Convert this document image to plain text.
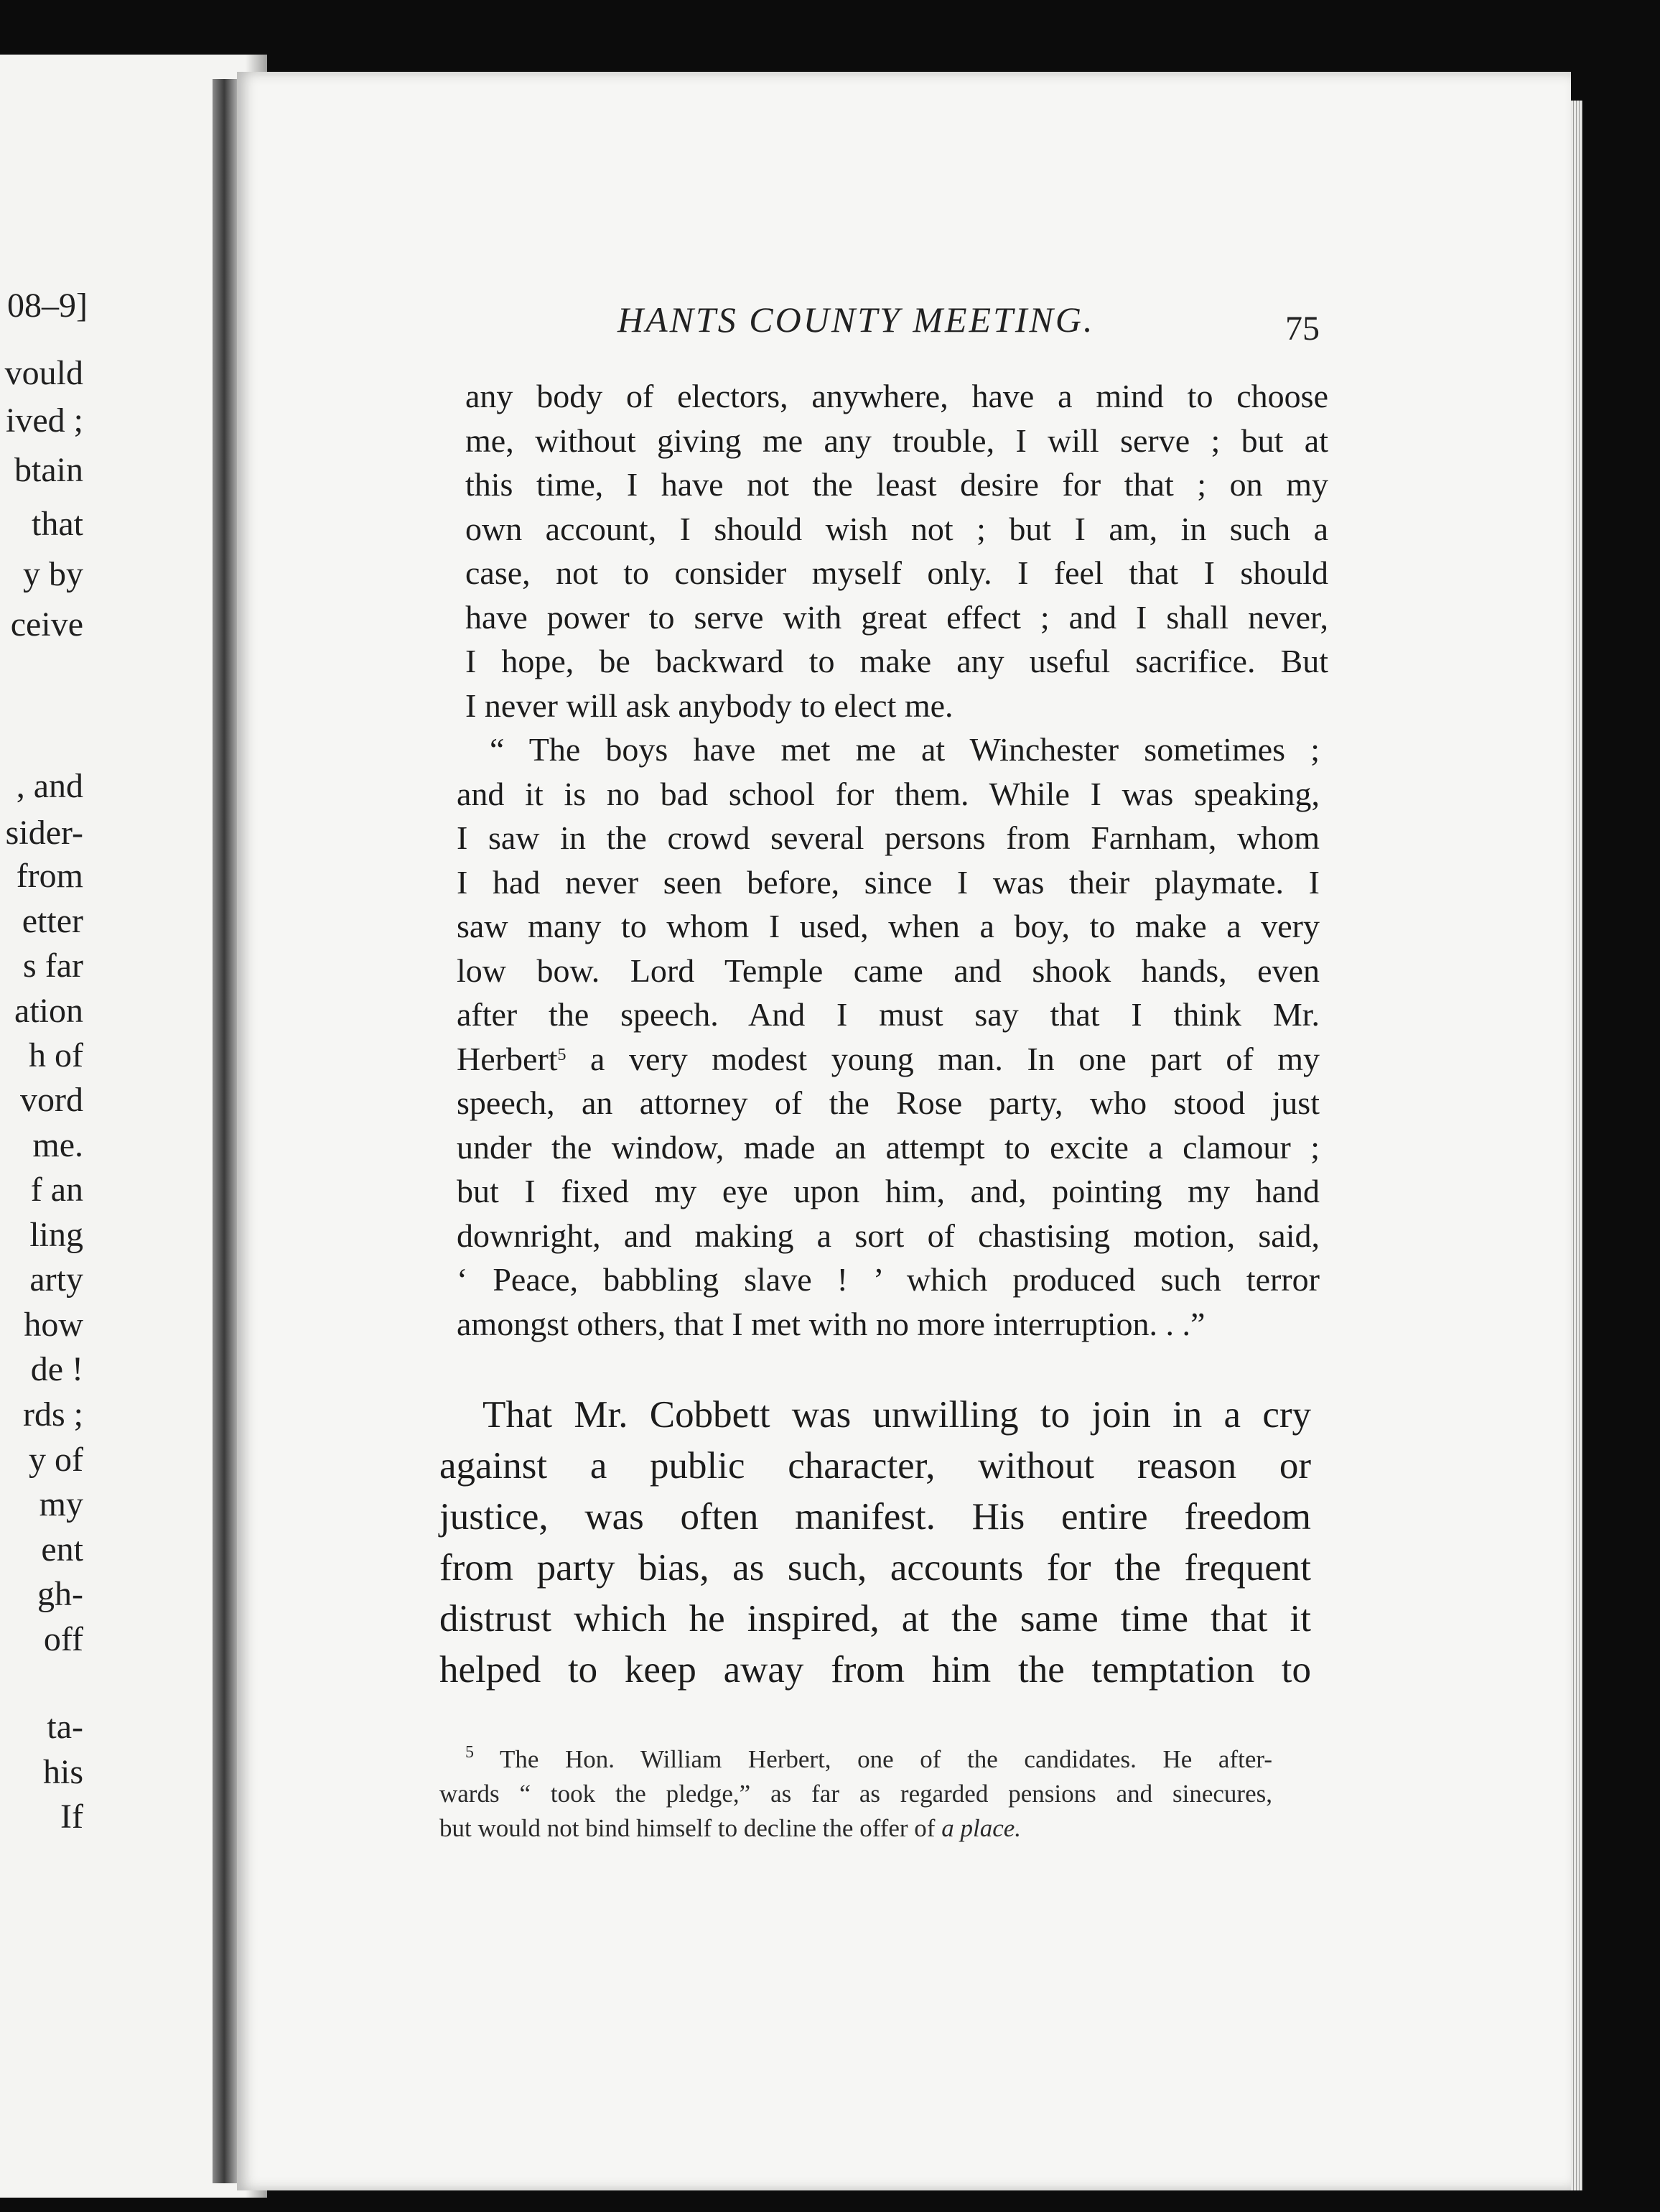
08–9]
vould
ived ;
btain
that
y by
ceive
, and
sider-
from
etter
s far
ation
h of
vord
me.
f an
ling
arty
how
de !
rds ;
y of
my
ent
gh-
off
ta-
his
If
HANTS COUNTY MEETING.	75
any body of electors, anywhere, have a mind to choose
me, without giving me any trouble, I will serve ; but at
this time, I have not the least desire for that ; on my
own account, I should wish not ; but I am, in such a
case, not to consider myself only. I feel that I should
have power to serve with great effect ; and I shall never,
I hope, be backward to make any useful sacrifice. But
I never will ask anybody to elect me.
“ The boys have met me at Winchester sometimes ;
and it is no bad school for them. While I was speaking,
I saw in the crowd several persons from Farnham, whom
I had never seen before, since I was their playmate. I
saw many to whom I used, when a boy, to make a very
low bow. Lord Temple came and shook hands, even
after the speech. And I must say that I think Mr.
Herbert$^5$ a very modest young man. In one part of my
speech, an attorney of the Rose party, who stood just
under the window, made an attempt to excite a clamour ;
but I fixed my eye upon him, and, pointing my hand
downright, and making a sort of chastising motion, said,
‘ Peace, babbling slave ! ’ which produced such terror
amongst others, that I met with no more interruption. . .”
That Mr. Cobbett was unwilling to join in a cry
against a public character, without reason or
justice, was often manifest. His entire freedom
from party bias, as such, accounts for the frequent
distrust which he inspired, at the same time that it
helped to keep away from him the temptation to
$^5$ The Hon. William Herbert, one of the candidates. He after-
wards “ took the pledge,” as far as regarded pensions and sinecures,
but would not bind himself to decline the offer of a place.
